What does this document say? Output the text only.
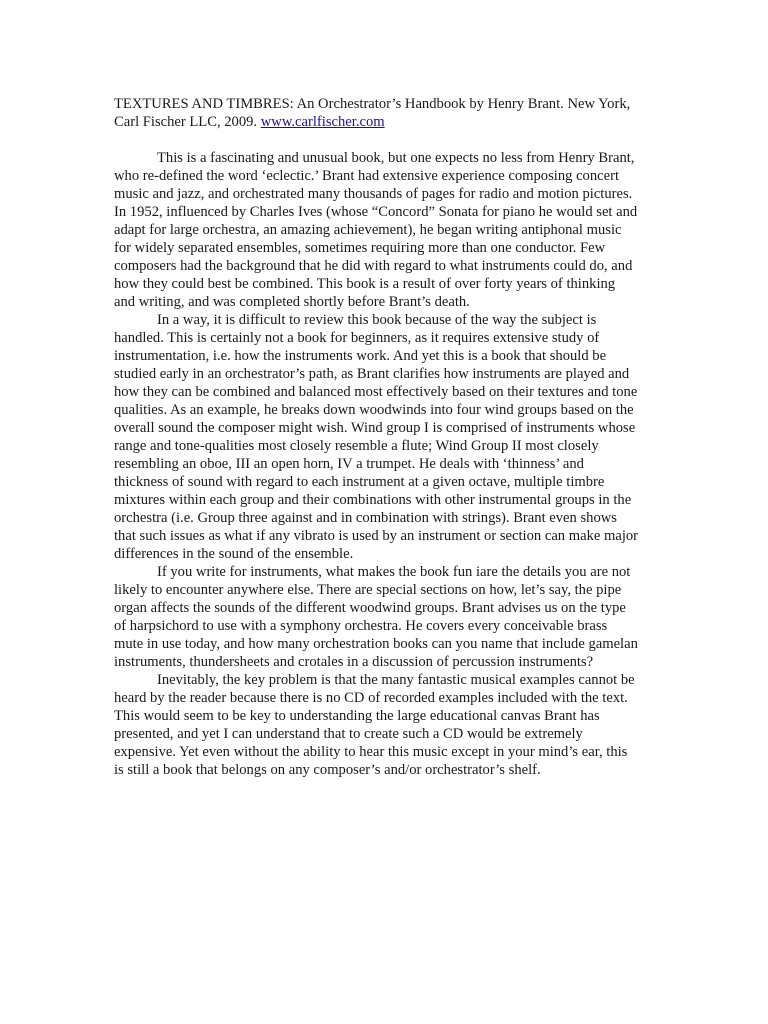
TEXTURES AND TIMBRES: An Orchestrator’s Handbook by Henry Brant. New York,
Carl Fischer LLC, 2009. www.carlfischer.com
This is a fascinating and unusual book, but one expects no less from Henry Brant,
who re-defined the word ‘eclectic.’ Brant had extensive experience composing concert
music and jazz, and orchestrated many thousands of pages for radio and motion pictures.
In 1952, influenced by Charles Ives (whose “Concord” Sonata for piano he would set and
adapt for large orchestra, an amazing achievement), he began writing antiphonal music
for widely separated ensembles, sometimes requiring more than one conductor. Few
composers had the background that he did with regard to what instruments could do, and
how they could best be combined. This book is a result of over forty years of thinking
and writing, and was completed shortly before Brant’s death.
In a way, it is difficult to review this book because of the way the subject is
handled. This is certainly not a book for beginners, as it requires extensive study of
instrumentation, i.e. how the instruments work. And yet this is a book that should be
studied early in an orchestrator’s path, as Brant clarifies how instruments are played and
how they can be combined and balanced most effectively based on their textures and tone
qualities. As an example, he breaks down woodwinds into four wind groups based on the
overall sound the composer might wish. Wind group I is comprised of instruments whose
range and tone-qualities most closely resemble a flute; Wind Group II most closely
resembling an oboe, III an open horn, IV a trumpet. He deals with ‘thinness’ and
thickness of sound with regard to each instrument at a given octave, multiple timbre
mixtures within each group and their combinations with other instrumental groups in the
orchestra (i.e. Group three against and in combination with strings). Brant even shows
that such issues as what if any vibrato is used by an instrument or section can make major
differences in the sound of the ensemble.
If you write for instruments, what makes the book fun iare the details you are not
likely to encounter anywhere else. There are special sections on how, let’s say, the pipe
organ affects the sounds of the different woodwind groups. Brant advises us on the type
of harpsichord to use with a symphony orchestra. He covers every conceivable brass
mute in use today, and how many orchestration books can you name that include gamelan
instruments, thundersheets and crotales in a discussion of percussion instruments?
Inevitably, the key problem is that the many fantastic musical examples cannot be
heard by the reader because there is no CD of recorded examples included with the text.
This would seem to be key to understanding the large educational canvas Brant has
presented, and yet I can understand that to create such a CD would be extremely
expensive. Yet even without the ability to hear this music except in your mind’s ear, this
is still a book that belongs on any composer’s and/or orchestrator’s shelf.
